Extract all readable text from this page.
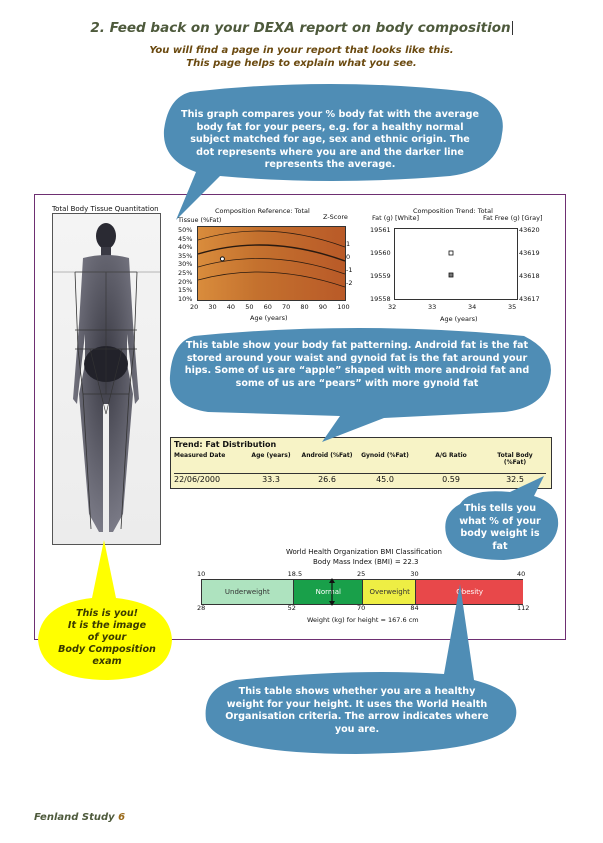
2. Feed back on your DEXA report on body composition
You will find a page in your report that looks like this.
This page helps to explain what you see.
Total Body Tissue Quantitation	Composition Reference: Total
Tissue (%Fat)	Z-Score
50%
45%
40%
35%
30%
25%
20%
15%
10%
1
0
-1
-2
20 30 40 50 60 70 80 90 100
Age (years)
Composition Trend: Total
Fat (g) [White]	Fat Free (g) [Gray]
19561
19560
19559
19558
43620
43619
43618
43617
32	33	34	35
Age (years)
Trend: Fat Distribution
Measured Date	Age (years)	Android (%Fat)	Gynoid (%Fat)	A/G Ratio	Total Body (%Fat)
22/06/2000	33.3	26.6	45.0	0.59	32.5
World Health Organization BMI Classification
Body Mass Index (BMI) = 22.3
10	18.5	25	30	40
Underweight	Normal	Overweight	Obesity
28	52	70	84	112
Weight (kg) for height = 167.6 cm
This graph compares your % body fat with the average body fat for your peers, e.g. for a healthy normal subject matched for age, sex and ethnic origin. The dot represents where you are and the darker line represents the average.
This table show your body fat patterning. Android fat is the fat stored around your waist and gynoid fat is the fat around your hips. Some of us are “apple” shaped with more android fat and some of us are “pears” with more gynoid fat
This tells you what % of your body weight is fat
This is you!
It is the image
of your
Body Composition
exam
This table shows whether you are a healthy weight for your height. It uses the World Health Organisation criteria. The arrow indicates where you are.
Fenland Study 6
